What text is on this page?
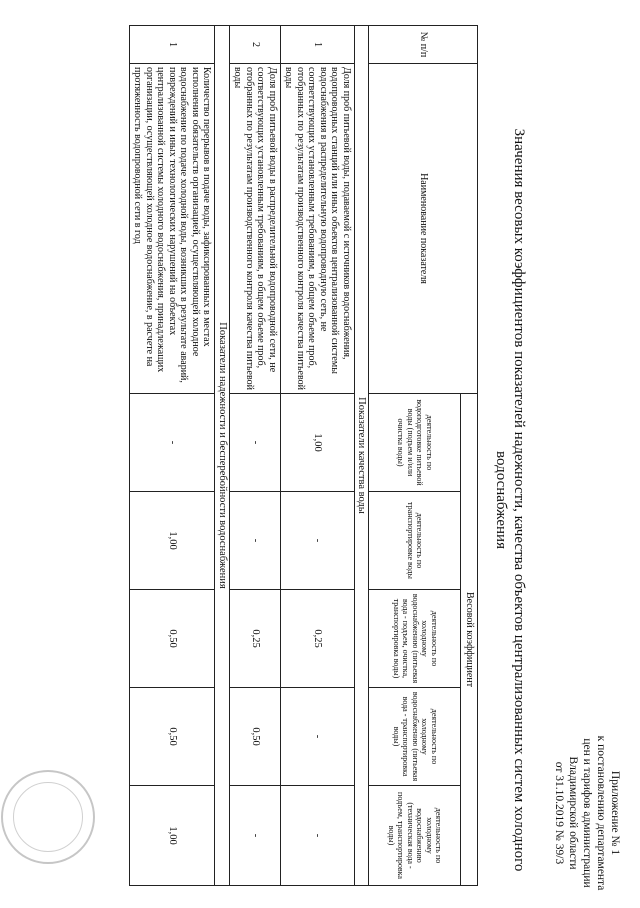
Приложение № 1
к постановлению департамента
цен и тарифов администрации
Владимирской области
от 31.10.2019 № 39/3
Значения весовых коэффициентов показателей надежности, качества объектов централизованных систем холодного водоснабжения
№ п/п	Наименование показателя	Весовой коэффициент				
		деятельность по водоподготовке питьевой воды (подъем и/или очистка воды)	деятельность по транспортировке воды	деятельность по холодному водоснабжению (питьевая вода - подъем, очистка, транспортировка воды)	деятельность по холодному водоснабжению (питьевая вода - транспортировка воды)	деятельность по холодному водоснабжению (техническая вода - подъем, транспортировка воды)
Показатели качества воды						
1	Доля проб питьевой воды, подаваемой с источников водоснабжения, водопроводных станций или иных объектов централизованной системы водоснабжения в распределительную водопроводную сеть, не соответствующих установленным требованиям, в общем объеме проб, отобранных по результатам производственного контроля качества питьевой воды	1,00	-	0,25	-	-
2	Доля проб питьевой воды в распределительной водопроводной сети, не соответствующих установленным требованиям, в общем объеме проб, отобранных по результатам производственного контроля качества питьевой воды	-	-	0,25	0,50	-
Показатели надежности и бесперебойности водоснабжения						
1	Количество перерывов в подаче воды, зафиксированных в местах исполнения обязательств организацией, осуществляющей холодное водоснабжение по подаче холодной воды, возникших в результате аварий, повреждений и иных технологических нарушений на объектах централизованной системы холодного водоснабжения, принадлежащих организации, осуществляющей холодное водоснабжение, в расчете на протяженность водопроводной сети в год	-	1,00	0,50	0,50	1,00
